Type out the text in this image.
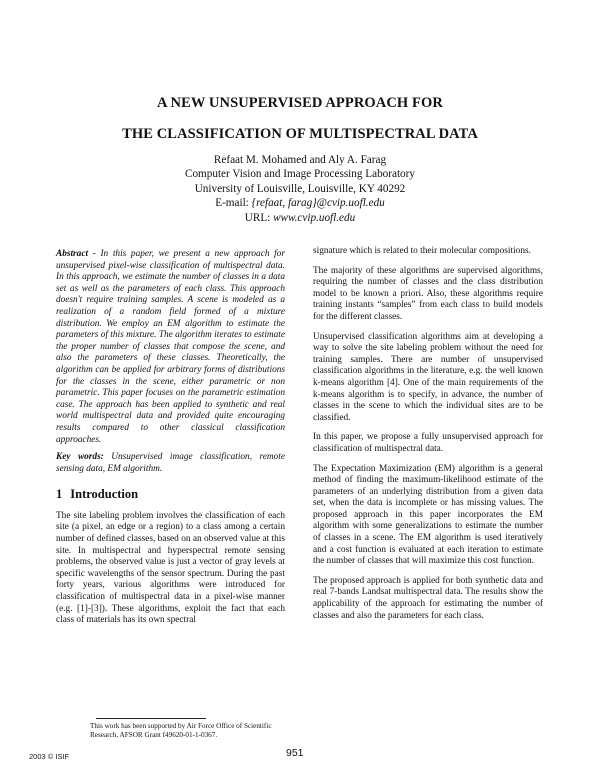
A NEW UNSUPERVISED APPROACH FOR
THE CLASSIFICATION OF MULTISPECTRAL DATA
Refaat M. Mohamed and Aly A. Farag
Computer Vision and Image Processing Laboratory
University of Louisville, Louisville, KY 40292
E-mail: {refaat, farag}@cvip.uofl.edu
URL: www.cvip.uofl.edu
Abstract - In this paper, we present a new approach for unsupervised pixel-wise classification of multispectral data. In this approach, we estimate the number of classes in a data set as well as the parameters of each class. This approach doesn't require training samples. A scene is modeled as a realization of a random field formed of a mixture distribution. We employ an EM algorithm to estimate the parameters of this mixture. The algorithm iterates to estimate the proper number of classes that compose the scene, and also the parameters of these classes. Theoretically, the algorithm can be applied for arbitrary forms of distributions for the classes in the scene, either parametric or non parametric. This paper focuses on the parametric estimation case. The approach has been applied to synthetic and real world multispectral data and provided quite encouraging results compared to other classical classification approaches.
Key words: Unsupervised image classification, remote sensing data, EM algorithm.
1 Introduction

The site labeling problem involves the classification of each site (a pixel, an edge or a region) to a class among a certain number of defined classes, based on an observed value at this site. In multispectral and hyperspectral remote sensing problems, the observed value is just a vector of gray levels at specific wavelengths of the sensor spectrum. During the past forty years, various algorithms were introduced for classification of multispectral data in a pixel-wise manner (e.g. [1]-[3]). These algorithms, exploit the fact that each class of materials has its own spectral

signature which is related to their molecular compositions.

The majority of these algorithms are supervised algorithms, requiring the number of classes and the class distribution model to be known a priori. Also, these algorithms require training instants “samples” from each class to build models for the different classes.

Unsupervised classification algorithms aim at developing a way to solve the site labeling problem without the need for training samples. There are number of unsupervised classification algorithms in the literature, e.g. the well known k-means algorithm [4]. One of the main requirements of the k-means algorithm is to specify, in advance, the number of classes in the scene to which the individual sites are to be classified.

In this paper, we propose a fully unsupervised approach for classification of multispectral data.

The Expectation Maximization (EM) algorithm is a general method of finding the maximum-likelihood estimate of the parameters of an underlying distribution from a given data set, when the data is incomplete or has missing values. The proposed approach in this paper incorporates the EM algorithm with some generalizations to estimate the number of classes in a scene. The EM algorithm is used iteratively and a cost function is evaluated at each iteration to estimate the number of classes that will maximize this cost function.

The proposed approach is applied for both synthetic data and real 7-bands Landsat multispectral data. The results show the applicability of the approach for estimating the number of classes and also the parameters for each class.

This work has been supported by Air Force Office of Scientific Research, AFSOR Grant f49620-01-1-0367.
2003 © ISIF	951
